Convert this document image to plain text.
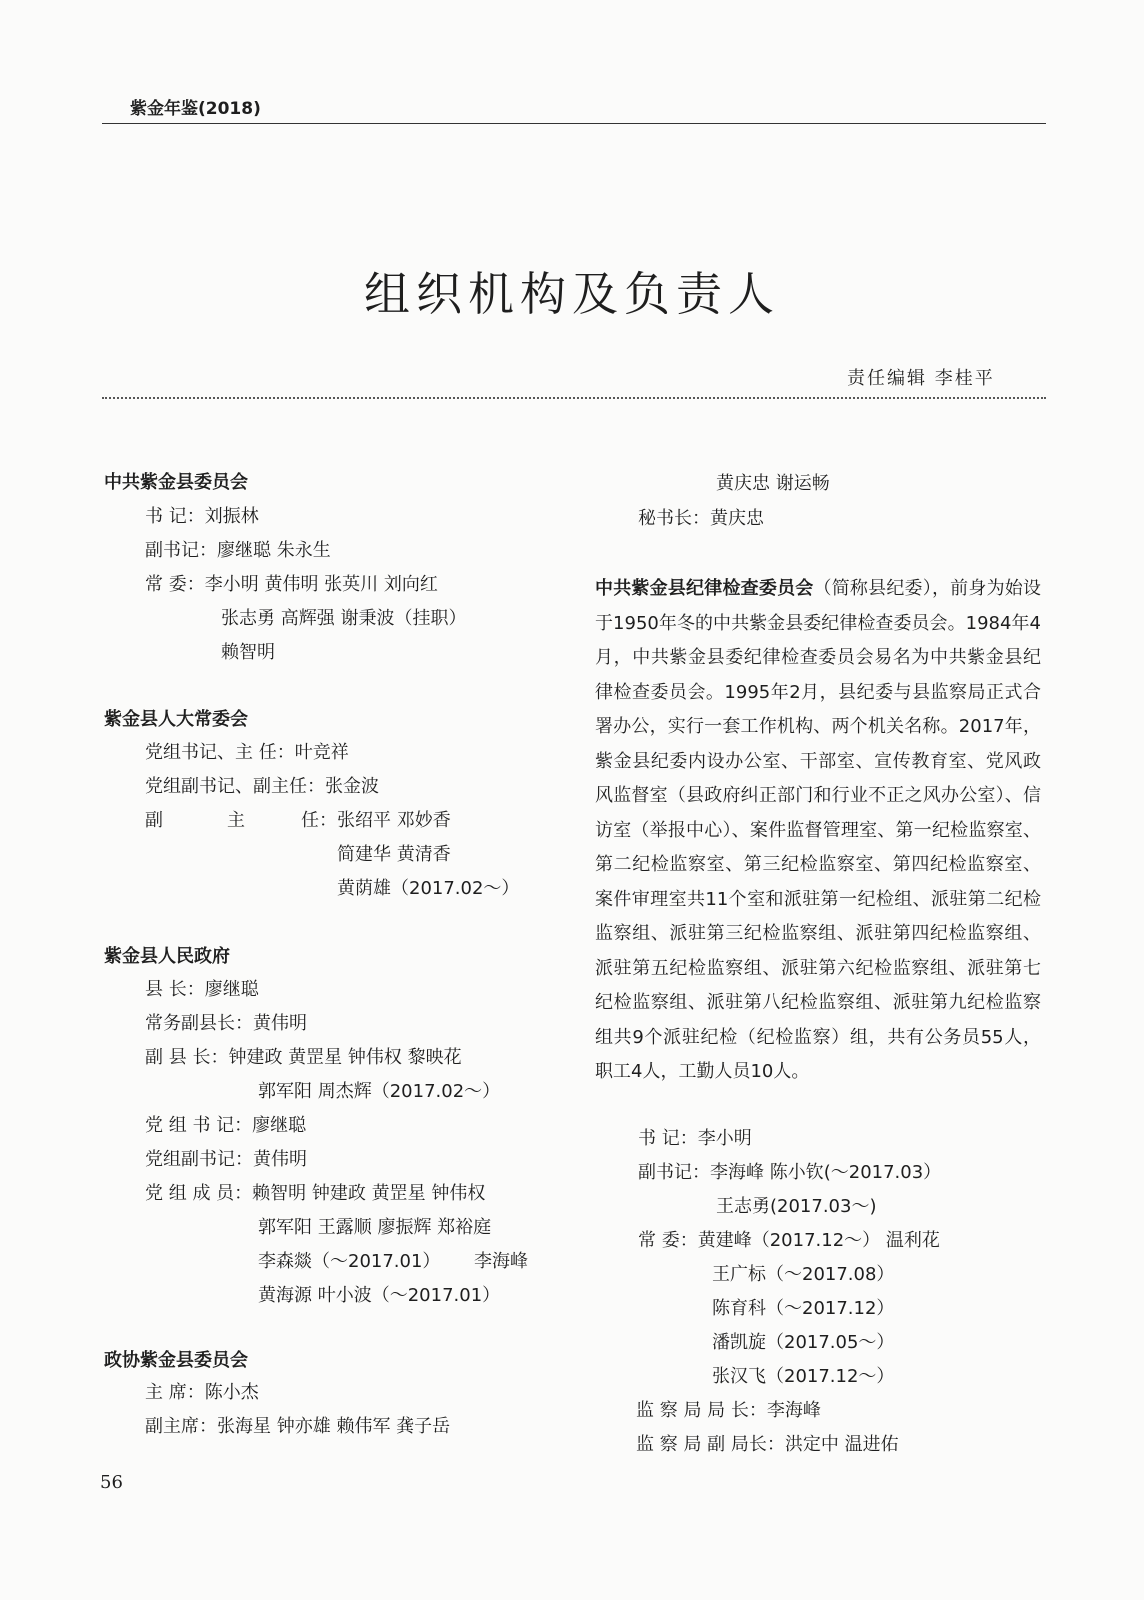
紫金年鉴(2018)
组织机构及负责人
责任编辑 李桂平
中共紫金县委员会
书 记：刘振林
副书记：廖继聪 朱永生
常 委：李小明 黄伟明 张英川 刘向红
张志勇 高辉强 谢秉波（挂职）
赖智明
紫金县人大常委会
党组书记、主 任：叶竞祥
党组副书记、副主任：张金波
副	主	任：张绍平 邓妙香
简建华 黄清香
黄荫雄（2017.02～）
紫金县人民政府
县 长：廖继聪
常务副县长：黄伟明
副 县 长：钟建政 黄罡星 钟伟权 黎映花
郭军阳 周杰辉（2017.02～）
党 组 书 记：廖继聪
党组副书记：黄伟明
党 组 成 员：赖智明 钟建政 黄罡星 钟伟权
郭军阳 王露顺 廖振辉 郑裕庭
李森燚（～2017.01） 李海峰
黄海源 叶小波（～2017.01）
政协紫金县委员会
主 席：陈小杰
副主席：张海星 钟亦雄 赖伟军 龚子岳
黄庆忠 谢运畅
秘书长：黄庆忠
中共紫金县纪律检查委员会（简称县纪委），前身为始设于1950年冬的中共紫金县委纪律检查委员会。1984年4月，中共紫金县委纪律检查委员会易名为中共紫金县纪律检查委员会。1995年2月，县纪委与县监察局正式合署办公，实行一套工作机构、两个机关名称。2017年，紫金县纪委内设办公室、干部室、宣传教育室、党风政风监督室（县政府纠正部门和行业不正之风办公室）、信访室（举报中心）、案件监督管理室、第一纪检监察室、第二纪检监察室、第三纪检监察室、第四纪检监察室、案件审理室共11个室和派驻第一纪检组、派驻第二纪检监察组、派驻第三纪检监察组、派驻第四纪检监察组、派驻第五纪检监察组、派驻第六纪检监察组、派驻第七纪检监察组、派驻第八纪检监察组、派驻第九纪检监察组共9个派驻纪检（纪检监察）组，共有公务员55人，职工4人，工勤人员10人。
书 记：李小明
副书记：李海峰 陈小钦(～2017.03）
王志勇(2017.03～)
常 委：黄建峰（2017.12～） 温利花
王广标（～2017.08）
陈育科（～2017.12）
潘凯旋（2017.05～）
张汉飞（2017.12～）
监 察 局 局 长：李海峰
监 察 局 副 局长：洪定中 温进佑
56
